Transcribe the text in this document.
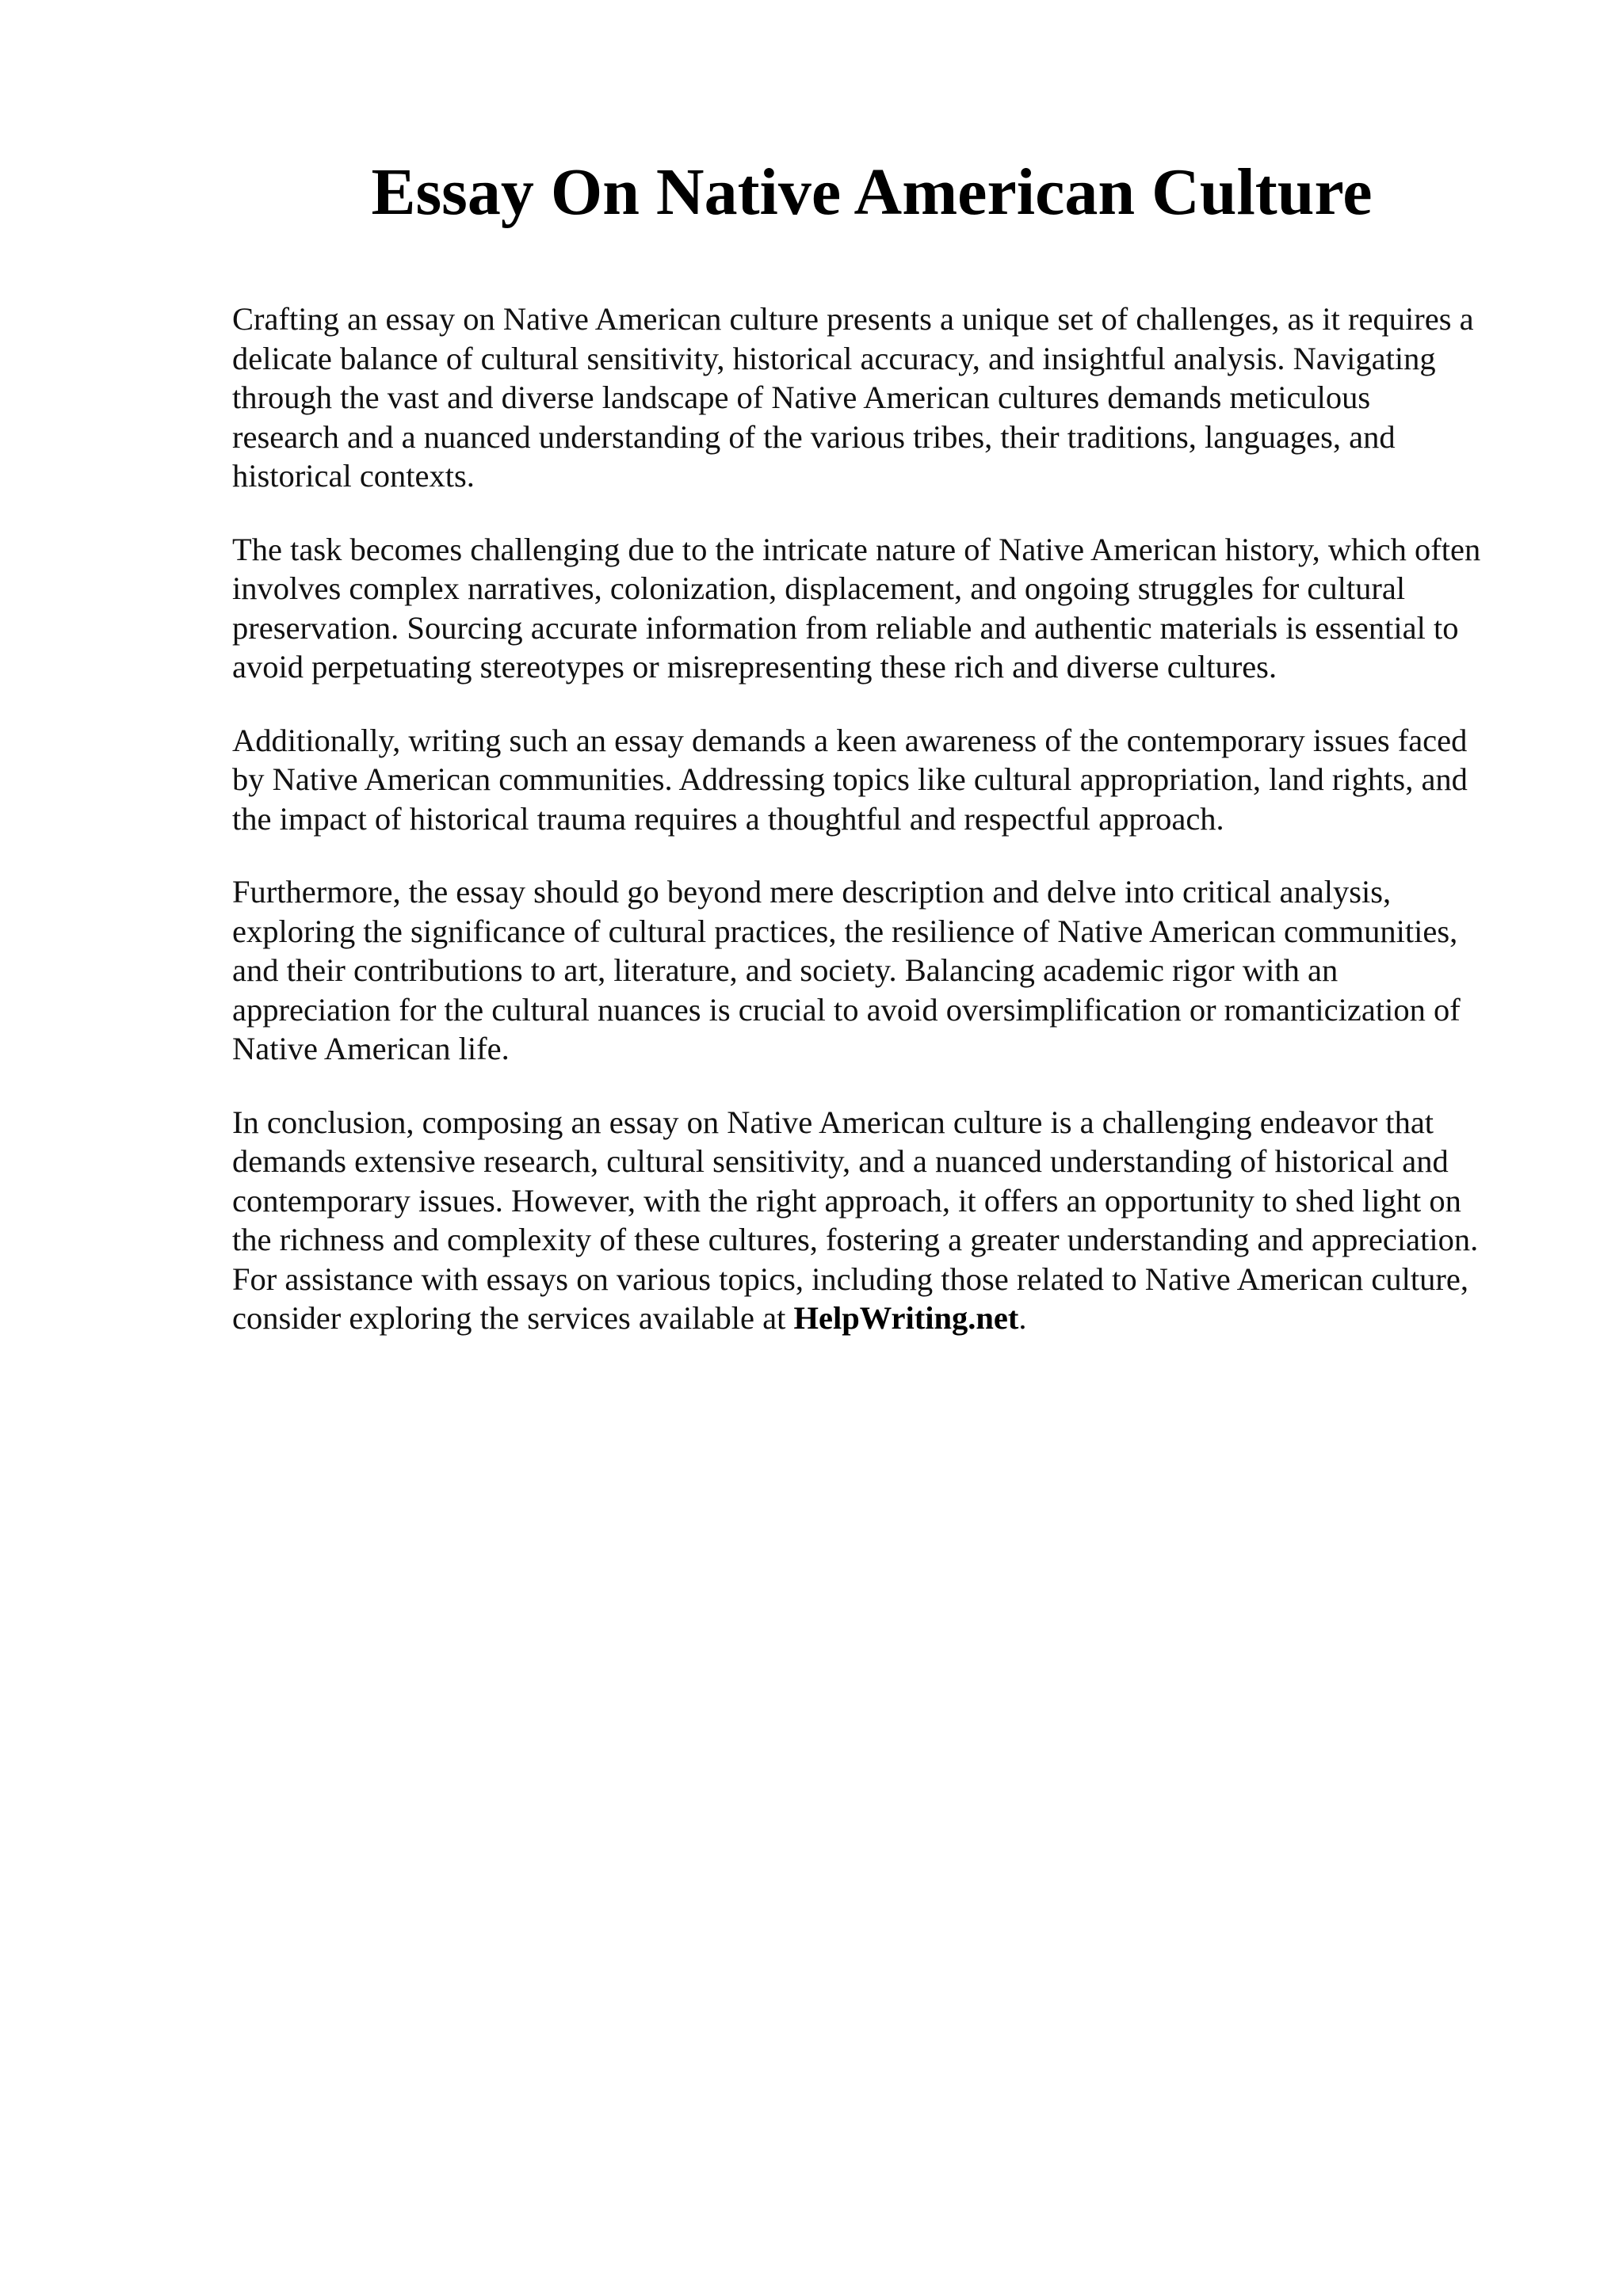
Essay On Native American Culture

Crafting an essay on Native American culture presents a unique set of challenges, as it requires a
delicate balance of cultural sensitivity, historical accuracy, and insightful analysis. Navigating
through the vast and diverse landscape of Native American cultures demands meticulous
research and a nuanced understanding of the various tribes, their traditions, languages, and
historical contexts.

The task becomes challenging due to the intricate nature of Native American history, which often
involves complex narratives, colonization, displacement, and ongoing struggles for cultural
preservation. Sourcing accurate information from reliable and authentic materials is essential to
avoid perpetuating stereotypes or misrepresenting these rich and diverse cultures.

Additionally, writing such an essay demands a keen awareness of the contemporary issues faced
by Native American communities. Addressing topics like cultural appropriation, land rights, and
the impact of historical trauma requires a thoughtful and respectful approach.

Furthermore, the essay should go beyond mere description and delve into critical analysis,
exploring the significance of cultural practices, the resilience of Native American communities,
and their contributions to art, literature, and society. Balancing academic rigor with an
appreciation for the cultural nuances is crucial to avoid oversimplification or romanticization of
Native American life.

In conclusion, composing an essay on Native American culture is a challenging endeavor that
demands extensive research, cultural sensitivity, and a nuanced understanding of historical and
contemporary issues. However, with the right approach, it offers an opportunity to shed light on
the richness and complexity of these cultures, fostering a greater understanding and appreciation.
For assistance with essays on various topics, including those related to Native American culture,
consider exploring the services available at HelpWriting.net.
